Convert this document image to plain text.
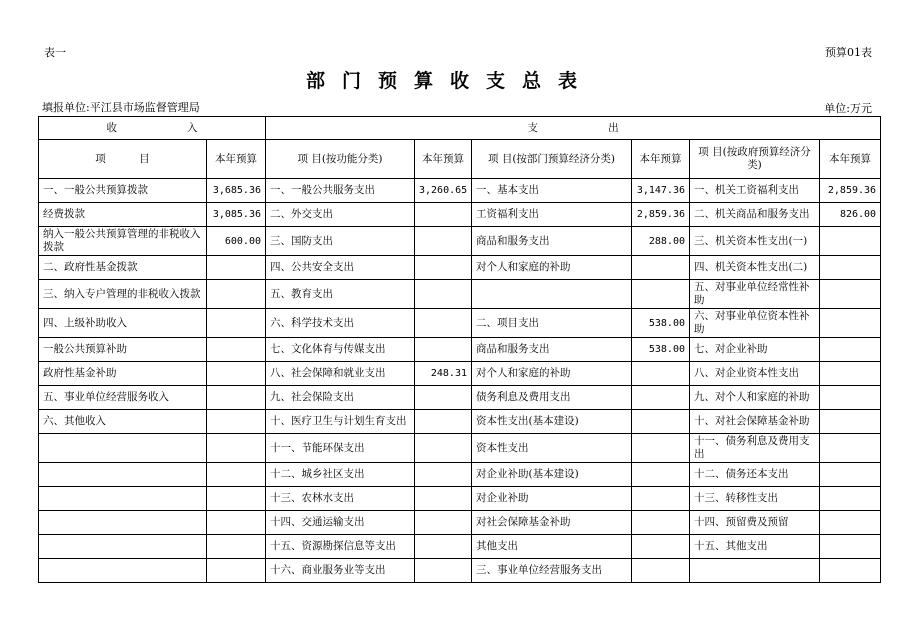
表一	预算01表
部门预算收支总表
填报单位:平江县市场监督管理局	单位:万元
收                     入		支                     出					
项          目	本年预算	项 目(按功能分类)	本年预算	项 目(按部门预算经济分类)	本年预算	项 目(按政府预算经济分类)	本年预算
一、一般公共预算拨款	3,685.36	一、一般公共服务支出	3,260.65	一、基本支出	3,147.36	一、机关工资福利支出	2,859.36
经费拨款	3,085.36	二、外交支出		工资福利支出	2,859.36	二、机关商品和服务支出	826.00
纳入一般公共预算管理的非税收入拨款	600.00	三、国防支出		商品和服务支出	288.00	三、机关资本性支出(一)	
二、政府性基金拨款		四、公共安全支出		对个人和家庭的补助		四、机关资本性支出(二)	
三、纳入专户管理的非税收入拨款		五、教育支出				五、对事业单位经常性补助	
四、上级补助收入		六、科学技术支出		二、项目支出	538.00	六、对事业单位资本性补助	
一般公共预算补助		七、文化体育与传媒支出		商品和服务支出	538.00	七、对企业补助	
政府性基金补助		八、社会保障和就业支出	248.31	对个人和家庭的补助		八、对企业资本性支出	
五、事业单位经营服务收入		九、社会保险支出		债务利息及费用支出		九、对个人和家庭的补助	
六、其他收入		十、医疗卫生与计划生育支出		资本性支出(基本建设)		十、对社会保障基金补助	
		十一、节能环保支出		资本性支出		十一、债务利息及费用支出	
		十二、城乡社区支出		对企业补助(基本建设)		十二、债务还本支出	
		十三、农林水支出		对企业补助		十三、转移性支出	
		十四、交通运输支出		对社会保障基金补助		十四、预留费及预留	
		十五、资源勘探信息等支出		其他支出		十五、其他支出	
		十六、商业服务业等支出		三、事业单位经营服务支出			
